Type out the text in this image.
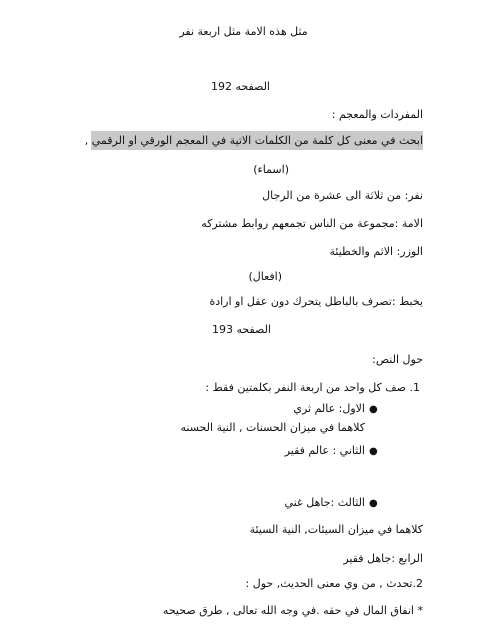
مثل هذه الامة مثل اربعة نفر
الصفحه 192
المفردات والمعجم :
ابحث في معنى كل كلمة من الكلمات الاتية في المعجم الورقي او الرقمي ,
(اسماء)
نفر: من ثلاثة الى عشرة من الرجال
الامة :مجموعة من الناس تجمعهم روابط مشتركه
الوزر: الاثم والخطيئة
(افعال)
يخبط :تصرف بالباطل يتحرك دون عقل او ارادة
الصفحه 193
حول النص:
1. صف كل واحد من اربعة النفر بكلمتين فقط :
●
الاول: عالم ثري
كلاهما في ميزان الحسنات , النية الحسنه
●
الثاني : عالم فقير
●
الثالث :جاهل غني
كلاهما في ميزان السيئات, النية السيئة
الرابع :جاهل فقير
2.تحدث , من وي معنى الحديث, حول :
* انفاق المال في حقه .في وجه الله تعالى , طرق صحيحه
